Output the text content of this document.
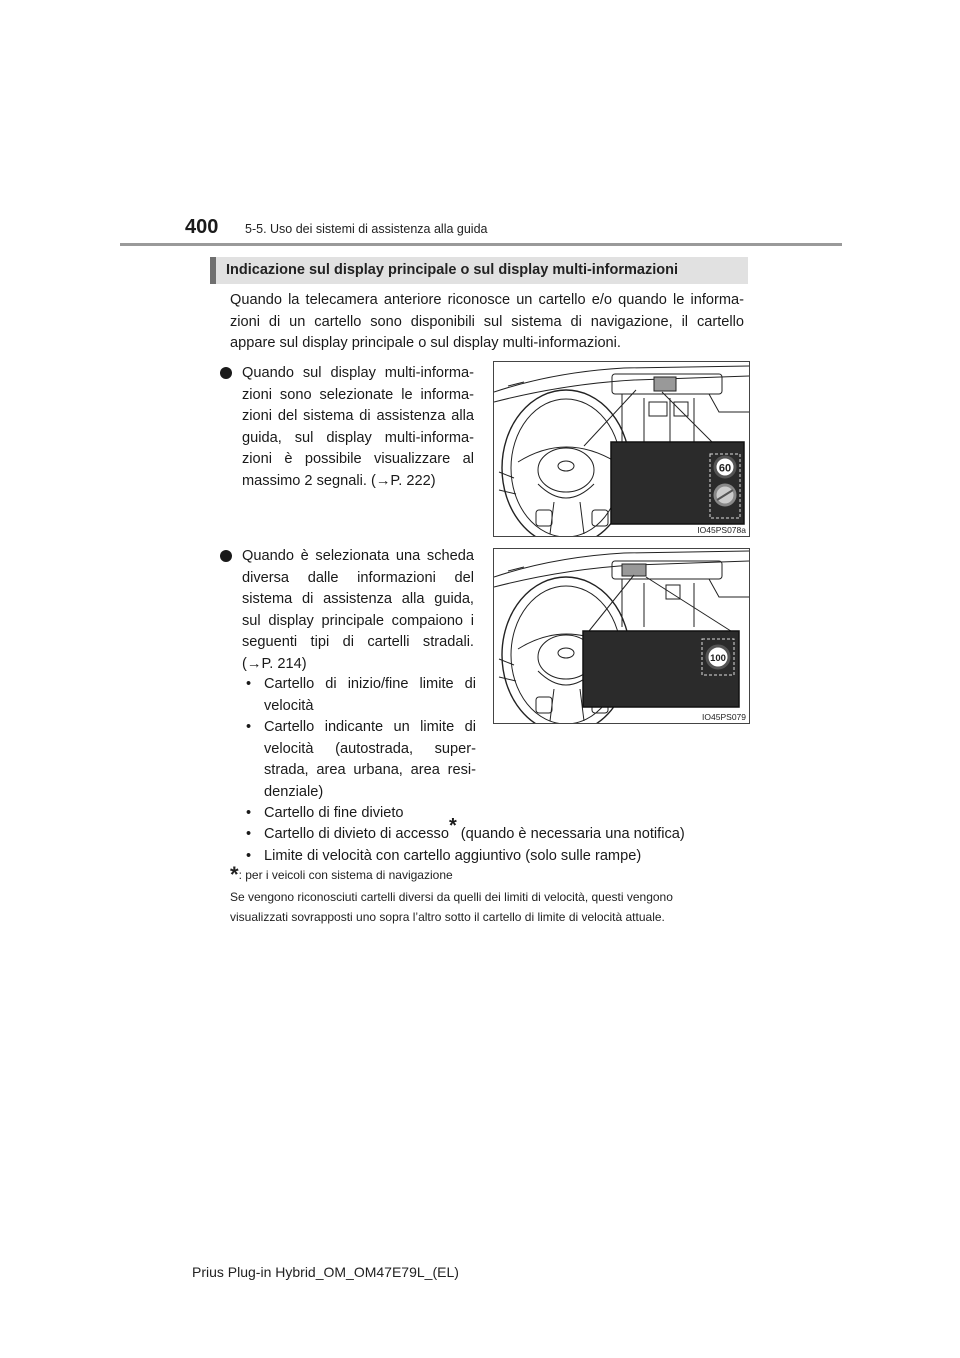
400 5-5. Uso dei sistemi di assistenza alla guida
Indicazione sul display principale o sul display multi-informazioni
Quando la telecamera anteriore riconosce un cartello e/o quando le informa-
zioni di un cartello sono disponibili sul sistema di navigazione, il cartello
appare sul display principale o sul display multi-informazioni.
Quando sul display multi-informa-
zioni sono selezionate le informa-
zioni del sistema di assistenza alla
guida, sul display multi-informa-
zioni è possibile visualizzare al
massimo 2 segnali. (→P. 222)
60
IO45PS078a
Quando è selezionata una scheda
diversa dalle informazioni del
sistema di assistenza alla guida,
sul display principale compaiono i
seguenti tipi di cartelli stradali.
(→P. 214)	100
IO45PS079
• Cartello di inizio/fine limite di
velocità
• Cartello indicante un limite di
velocità (autostrada, super-
strada, area urbana, area resi-
denziale)
• Cartello di fine divieto
• Cartello di divieto di accesso* (quando è necessaria una notifica)
• Limite di velocità con cartello aggiuntivo (solo sulle rampe)
*: per i veicoli con sistema di navigazione
Se vengono riconosciuti cartelli diversi da quelli dei limiti di velocità, questi vengono
visualizzati sovrapposti uno sopra l’altro sotto il cartello di limite di velocità attuale.
Prius Plug-in Hybrid_OM_OM47E79L_(EL)
